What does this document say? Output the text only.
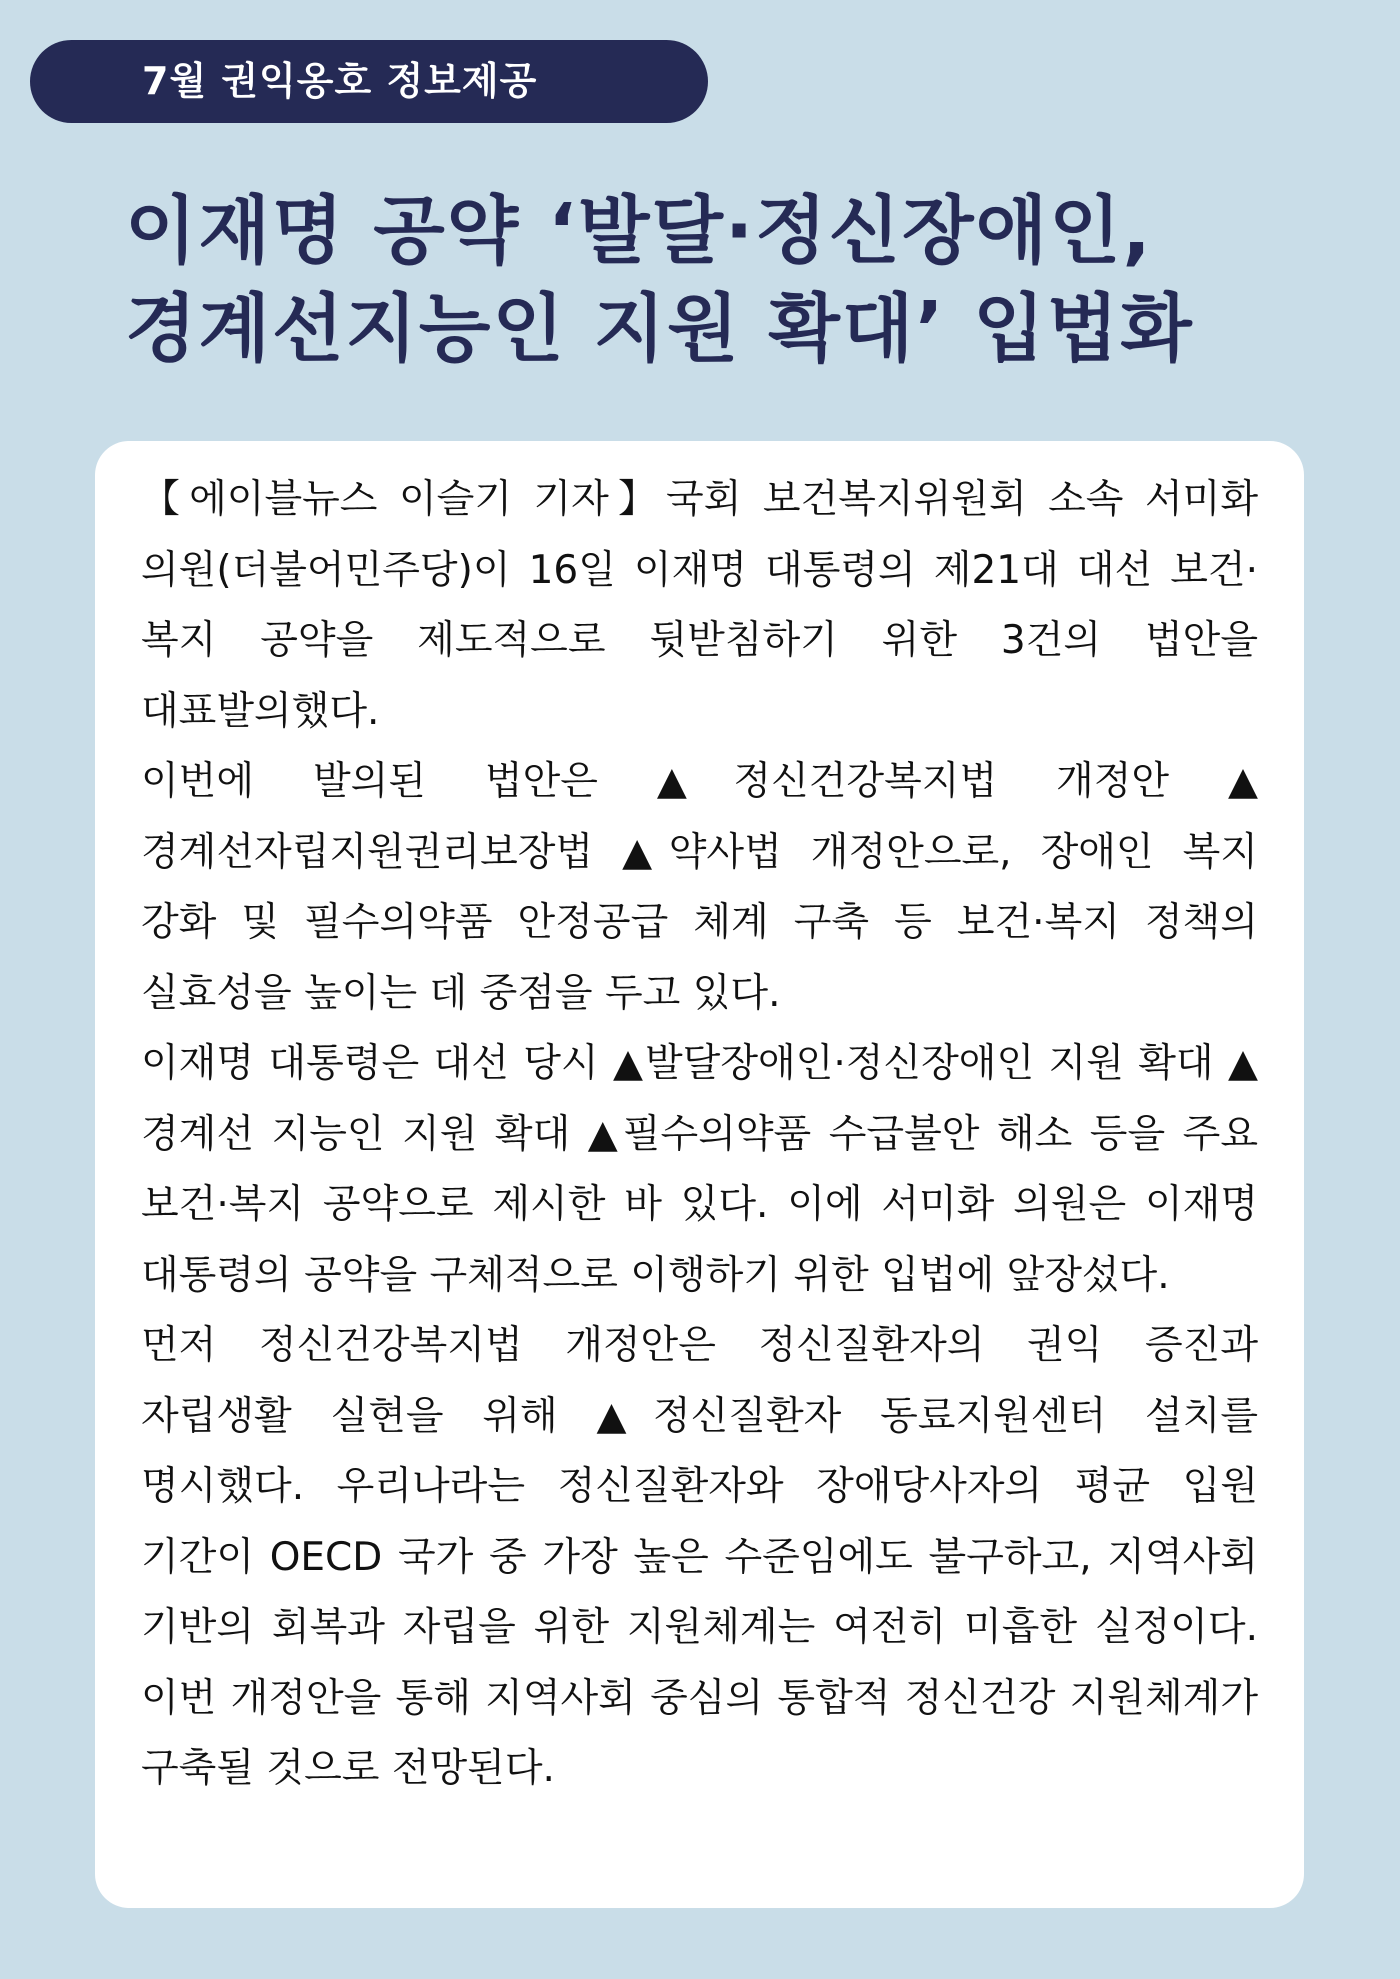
7월 권익옹호 정보제공
이재명 공약 ‘발달·정신장애인,
경계선지능인 지원 확대’ 입법화

【에이블뉴스 이슬기 기자】국회 보건복지위원회 소속 서미화 의원(더불어민주당)이 16일 이재명 대통령의 제21대 대선 보건·복지 공약을 제도적으로 뒷받침하기 위한 3건의 법안을 대표발의했다.

이번에 발의된 법안은 ▲정신건강복지법 개정안 ▲경계선자립지원권리보장법 ▲약사법 개정안으로, 장애인 복지 강화 및 필수의약품 안정공급 체계 구축 등 보건·복지 정책의 실효성을 높이는 데 중점을 두고 있다.

이재명 대통령은 대선 당시 ▲발달장애인·정신장애인 지원 확대 ▲경계선 지능인 지원 확대 ▲필수의약품 수급불안 해소 등을 주요 보건·복지 공약으로 제시한 바 있다. 이에 서미화 의원은 이재명 대통령의 공약을 구체적으로 이행하기 위한 입법에 앞장섰다.

먼저 정신건강복지법 개정안은 정신질환자의 권익 증진과 자립생활 실현을 위해 ▲정신질환자 동료지원센터 설치를 명시했다. 우리나라는 정신질환자와 장애당사자의 평균 입원 기간이 OECD 국가 중 가장 높은 수준임에도 불구하고, 지역사회 기반의 회복과 자립을 위한 지원체계는 여전히 미흡한 실정이다. 이번 개정안을 통해 지역사회 중심의 통합적 정신건강 지원체계가 구축될 것으로 전망된다.
